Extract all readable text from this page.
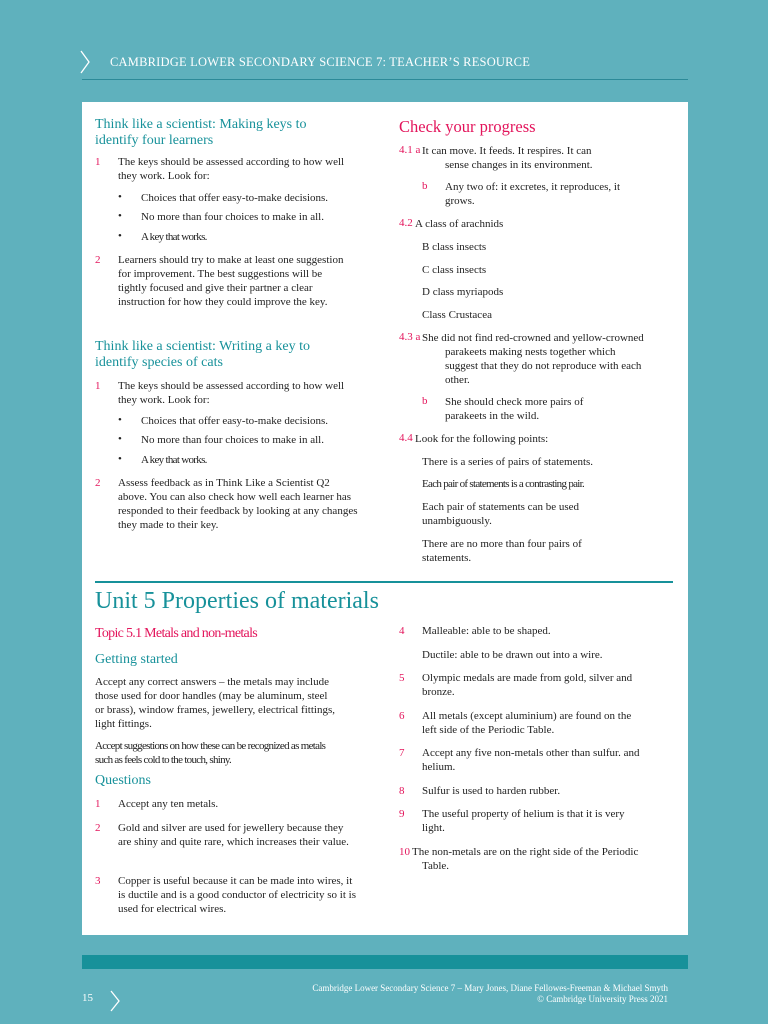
CAMBRIDGE LOWER SECONDARY SCIENCE 7: TEACHER’S RESOURCE
Think like a scientist: Making keys to identify four learners
1 The keys should be assessed according to how well they work. Look for:
• Choices that offer easy-to-make decisions.
• No more than four choices to make in all.
• A key that works.
2 Learners should try to make at least one suggestion for improvement. The best suggestions will be tightly focused and give their partner a clear instruction for how they could improve the key.
Think like a scientist: Writing a key to identify species of cats
1 The keys should be assessed according to how well they work. Look for:
• Choices that offer easy-to-make decisions.
• No more than four choices to make in all.
• A key that works.
2 Assess feedback as in Think Like a Scientist Q2 above. You can also check how well each learner has responded to their feedback by looking at any changes they made to their key.
Check your progress
4.1 a It can move. It feeds. It respires. It can sense changes in its environment.
b Any two of: it excretes, it reproduces, it grows.
4.2 A class of arachnids
B class insects
C class insects
D class myriapods
Class Crustacea
4.3 a She did not find red-crowned and yellow-crowned parakeets making nests together which suggest that they do not reproduce with each other.
b She should check more pairs of parakeets in the wild.
4.4 Look for the following points:
There is a series of pairs of statements.
Each pair of statements is a contrasting pair.
Each pair of statements can be used unambiguously.
There are no more than four pairs of statements.
Unit 5 Properties of materials
Topic 5.1 Metals and non-metals
Getting started
Accept any correct answers – the metals may include those used for door handles (may be aluminum, steel or brass), window frames, jewellery, electrical fittings, light fittings.
Accept suggestions on how these can be recognized as metals such as feels cold to the touch, shiny.
Questions
1 Accept any ten metals.
2 Gold and silver are used for jewellery because they are shiny and quite rare, which increases their value.
3 Copper is useful because it can be made into wires, it is ductile and is a good conductor of electricity so it is used for electrical wires.
4 Malleable: able to be shaped.
Ductile: able to be drawn out into a wire.
5 Olympic medals are made from gold, silver and bronze.
6 All metals (except aluminium) are found on the left side of the Periodic Table.
7 Accept any five non-metals other than sulfur. and helium.
8 Sulfur is used to harden rubber.
9 The useful property of helium is that it is very light.
10 The non-metals are on the right side of the Periodic Table.
15
Cambridge Lower Secondary Science 7 – Mary Jones, Diane Fellowes-Freeman & Michael Smyth
© Cambridge University Press 2021
